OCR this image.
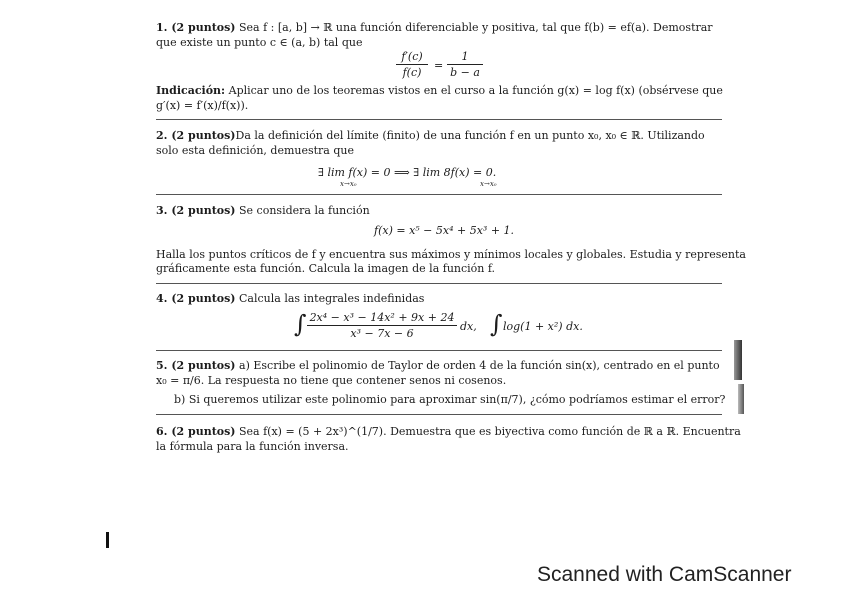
1. (2 puntos) Sea f : [a, b] → ℝ una función diferenciable y positiva, tal que f(b) = ef(a). Demostrar
que existe un punto c ∈ (a, b) tal que
f′(c)
f(c)
=
1
b − a
Indicación: Aplicar uno de los teoremas vistos en el curso a la función g(x) = log f(x) (obsérvese que
g′(x) = f′(x)/f(x)).
2. (2 puntos)Da la definición del límite (finito) de una función f en un punto x₀, x₀ ∈ ℝ. Utilizando
solo esta definición, demuestra que
∃ lim f(x) = 0 ⟹ ∃ lim 8f(x) = 0.
x→x₀	x→x₀
3. (2 puntos) Se considera la función
f(x) = x⁵ − 5x⁴ + 5x³ + 1.
Halla los puntos críticos de f y encuentra sus máximos y mínimos locales y globales. Estudia y representa
gráficamente esta función. Calcula la imagen de la función f.
4. (2 puntos) Calcula las integrales indefinidas
∫ 2x⁴ − x³ − 14x² + 9x + 24
x³ − 7x − 6
dx, ∫ log(1 + x²) dx.
5. (2 puntos) a) Escribe el polinomio de Taylor de orden 4 de la función sin(x), centrado en el punto
x₀ = π/6. La respuesta no tiene que contener senos ni cosenos.
b) Si queremos utilizar este polinomio para aproximar sin(π/7), ¿cómo podríamos estimar el error?
6. (2 puntos) Sea f(x) = (5 + 2x³)^(1/7). Demuestra que es biyectiva como función de ℝ a ℝ. Encuentra
la fórmula para la función inversa.
Scanned with CamScanner
